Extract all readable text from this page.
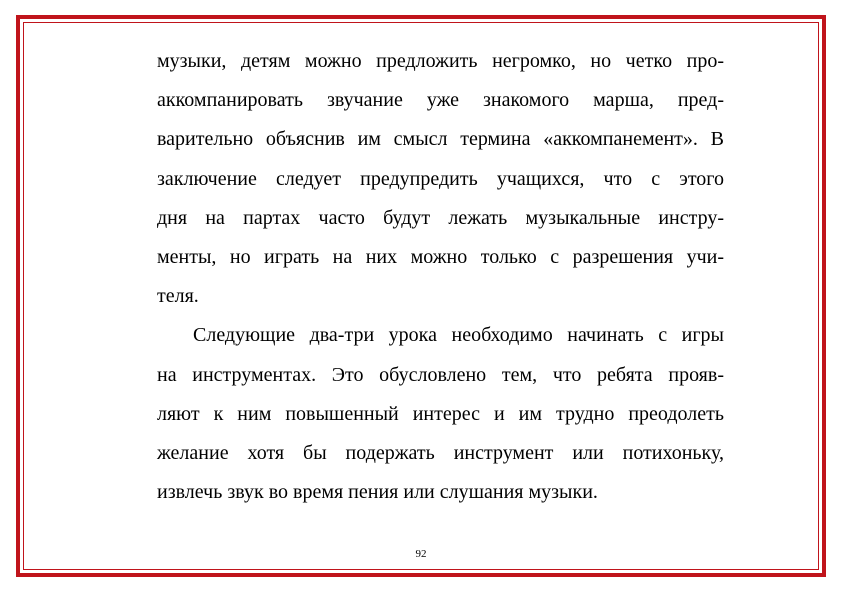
музыки, детям можно предложить негромко, но четко про-
аккомпанировать звучание уже знакомого марша, пред-
варительно объяснив им смысл термина «аккомпанемент». В
заключение следует предупредить учащихся, что с этого
дня на партах часто будут лежать музыкальные инстру-
менты, но играть на них можно только с разрешения учи-
теля.
Следующие два-три урока необходимо начинать с игры
на инструментах. Это обусловлено тем, что ребята прояв-
ляют к ним повышенный интерес и им трудно преодолеть
желание хотя бы подержать инструмент или потихоньку,
извлечь звук во время пения или слушания музыки.
92
